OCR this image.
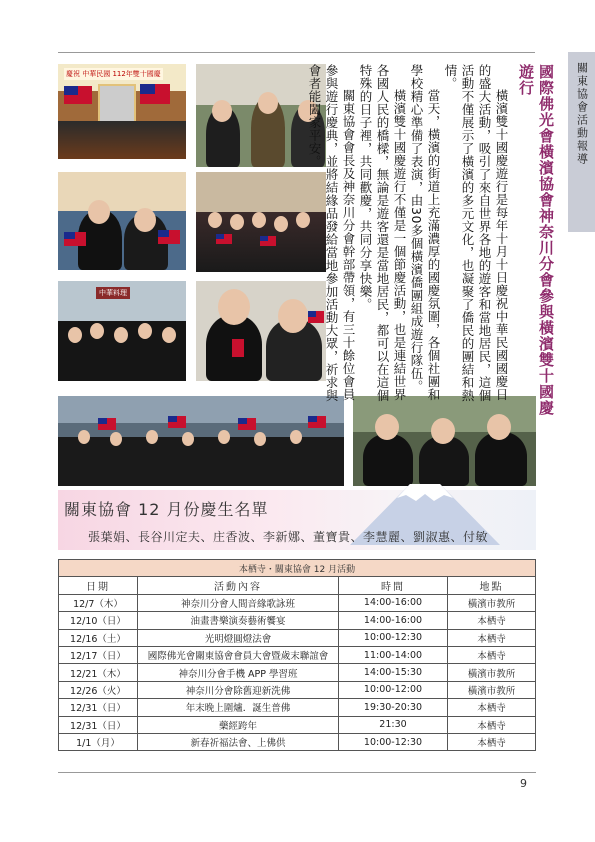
關東協會活動報導
慶祝 中華民國 112年雙十國慶
中華料理	國際佛光會橫濱協會神奈川分會參與橫濱雙十國慶遊行

橫濱雙十國慶遊行是每年十月十日慶祝中華民國國慶日的盛大活動，吸引了來自世界各地的遊客和當地居民，這個活動不僅展示了橫濱的多元文化，也凝聚了僑民的團結和熱情。

當天，橫濱的街道上充滿濃厚的國慶氛圍，各個社團和學校精心準備了表演，由30多個橫濱僑團組成遊行隊伍。

橫濱雙十國慶遊行不僅是一個節慶活動，也是連結世界各國人民的橋樑，無論是遊客還是當地居民，都可以在這個特殊的日子裡，共同歡慶，共同分享快樂。

關東協會會長及神奈川分會幹部帶領，有三十餘位會員參與遊行慶典，並將結緣品發給當地參加活動大眾，祈求與會者能闔家平安。

關東協會 12 月份慶生名單
張葉娟、長谷川定夫、庄香波、李新娜、董寶貴、李慧麗、劉淑惠、付敏
本栖寺・關東協會 12 月活動			
日期	活動內容	時間	地點
12/7（木）	神奈川分會人間音緣歌詠班	14:00-16:00	橫濱市教所
12/10（日）	油畫書樂演奏藝術饗宴	14:00-16:00	本栖寺
12/16（土）	光明燈圓燈法會	10:00-12:30	本栖寺
12/17（日）	國際佛光會關東協會會員大會暨歲末聯誼會	11:00-14:00	本栖寺
12/21（木）	神奈川分會手機 APP 學習班	14:00-15:30	橫濱市教所
12/26（火）	神奈川分會除舊迎新洗佛	10:00-12:00	橫濱市教所
12/31（日）	年末晚上圍爐．誕生普佛	19:30-20:30	本栖寺
12/31（日）	藥經跨年	21:30	本栖寺
1/1（月）	新春祈福法會、上佛供	10:00-12:30	本栖寺
9
